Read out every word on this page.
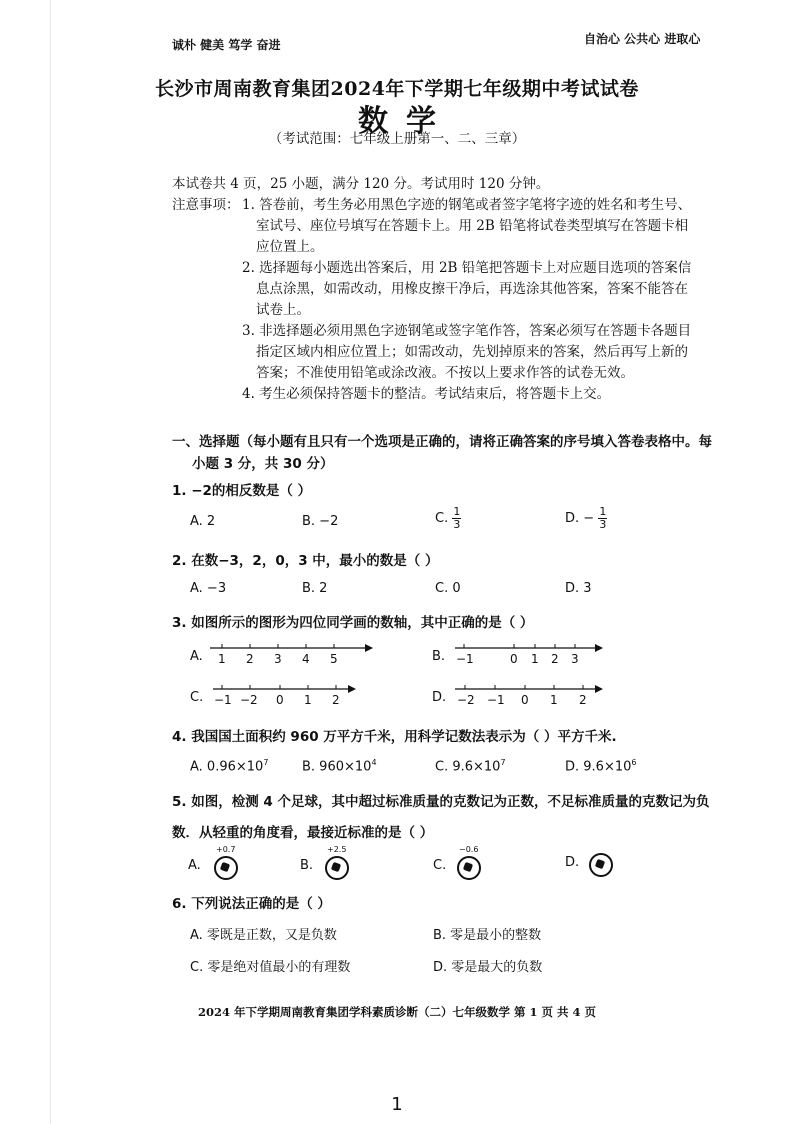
诚朴 健美 笃学 奋进	自治心 公共心 进取心
长沙市周南教育集团2024年下学期七年级期中考试试卷
数学
（考试范围：七年级上册第一、二、三章）
本试卷共 4 页，25 小题，满分 120 分。考试用时 120 分钟。
注意事项： 1. 答卷前，考生务必用黑色字迹的钢笔或者签字笔将字迹的姓名和考生号、
室试号、座位号填写在答题卡上。用 2B 铅笔将试卷类型填写在答题卡相
应位置上。
2. 选择题每小题选出答案后，用 2B 铅笔把答题卡上对应题目选项的答案信
息点涂黑，如需改动，用橡皮擦干净后，再选涂其他答案，答案不能答在
试卷上。
3. 非选择题必须用黑色字迹钢笔或签字笔作答，答案必须写在答题卡各题目
指定区域内相应位置上；如需改动，先划掉原来的答案，然后再写上新的
答案；不准使用铅笔或涂改液。不按以上要求作答的试卷无效。
4. 考生必须保持答题卡的整洁。考试结束后，将答题卡上交。
一、选择题（每小题有且只有一个选项是正确的，请将正确答案的序号填入答卷表格中。每
小题 3 分，共 30 分）
1. −2的相反数是（ ）
A. 2	B. −2	C. $\frac{1}{3}$	D. − $\frac{1}{3}$
2. 在数−3，2，0，3 中，最小的数是（ ）
A. −3	B. 2	C. 0	D. 3
3. 如图所示的图形为四位同学画的数轴，其中正确的是（ ）
A. 1 2 3 4 5	B. −1	0 1 2 3
C. −1 −2 0 1 2	D. −2 −1 0 1 2
4. 我国国土面积约 960 万平方千米，用科学记数法表示为（ ）平方千米.
A. $0.96\times 10^7$	B. $960\times 10^4$	C. $9.6\times 10^7$	D. $9.6\times 10^6$
5. 如图，检测 4 个足球，其中超过标准质量的克数记为正数，不足标准质量的克数记为负
数．从轻重的角度看，最接近标准的是（ ）
A.
+0.7
B.
+2.5
C.
−0.6
D.
6. 下列说法正确的是（ ）
A. 零既是正数，又是负数	B. 零是最小的整数
C. 零是绝对值最小的有理数	D. 零是最大的负数
2024 年下学期周南教育集团学科素质诊断（二）七年级数学 第 1 页 共 4 页
1
